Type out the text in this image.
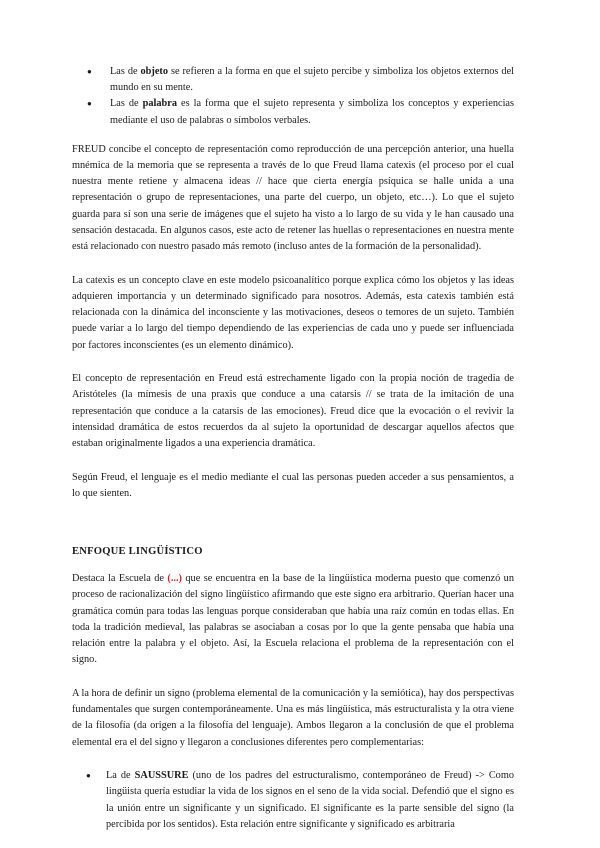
● Las de objeto se refieren a la forma en que el sujeto percibe y simboliza los objetos externos del mundo en su mente.
● Las de palabra es la forma que el sujeto representa y simboliza los conceptos y experiencias mediante el uso de palabras o símbolos verbales.

FREUD concibe el concepto de representación como reproducción de una percepción anterior, una huella mnémica de la memoria que se representa a través de lo que Freud llama catexis (el proceso por el cual nuestra mente retiene y almacena ideas // hace que cierta energía psíquica se halle unida a una representación o grupo de representaciones, una parte del cuerpo, un objeto, etc…). Lo que el sujeto guarda para sí son una serie de imágenes que el sujeto ha visto a lo largo de su vida y le han causado una sensación destacada. En algunos casos, este acto de retener las huellas o representaciones en nuestra mente está relacionado con nuestro pasado más remoto (incluso antes de la formación de la personalidad).

La catexis es un concepto clave en este modelo psicoanalítico porque explica cómo los objetos y las ideas adquieren importancia y un determinado significado para nosotros. Además, esta catexis también está relacionada con la dinámica del inconsciente y las motivaciones, deseos o temores de un sujeto. También puede variar a lo largo del tiempo dependiendo de las experiencias de cada uno y puede ser influenciada por factores inconscientes (es un elemento dinámico).

El concepto de representación en Freud está estrechamente ligado con la propia noción de tragedia de Aristóteles (la mímesis de una praxis que conduce a una catarsis // se trata de la imitación de una representación que conduce a la catarsis de las emociones). Freud dice que la evocación o el revivir la intensidad dramática de estos recuerdos da al sujeto la oportunidad de descargar aquellos afectos que estaban originalmente ligados a una experiencia dramática.

Según Freud, el lenguaje es el medio mediante el cual las personas pueden acceder a sus pensamientos, a lo que sienten.

ENFOQUE LINGÜÍSTICO

Destaca la Escuela de (...) que se encuentra en la base de la lingüística moderna puesto que comenzó un proceso de racionalización del signo lingüístico afirmando que este signo era arbitrario. Querían hacer una gramática común para todas las lenguas porque consideraban que había una raíz común en todas ellas. En toda la tradición medieval, las palabras se asociaban a cosas por lo que la gente pensaba que había una relación entre la palabra y el objeto. Así, la Escuela relaciona el problema de la representación con el signo.

A la hora de definir un signo (problema elemental de la comunicación y la semiótica), hay dos perspectivas fundamentales que surgen contemporáneamente. Una es más lingüística, más estructuralista y la otra viene de la filosofía (da origen a la filosofía del lenguaje). Ambos llegaron a la conclusión de que el problema elemental era el del signo y llegaron a conclusiones diferentes pero complementarias:

● La de SAUSSURE (uno de los padres del estructuralismo, contemporáneo de Freud) -> Como lingüista quería estudiar la vida de los signos en el seno de la vida social. Defendió que el signo es la unión entre un significante y un significado. El significante es la parte sensible del signo (la percibida por los sentidos). Esta relación entre significante y significado es arbitraria
